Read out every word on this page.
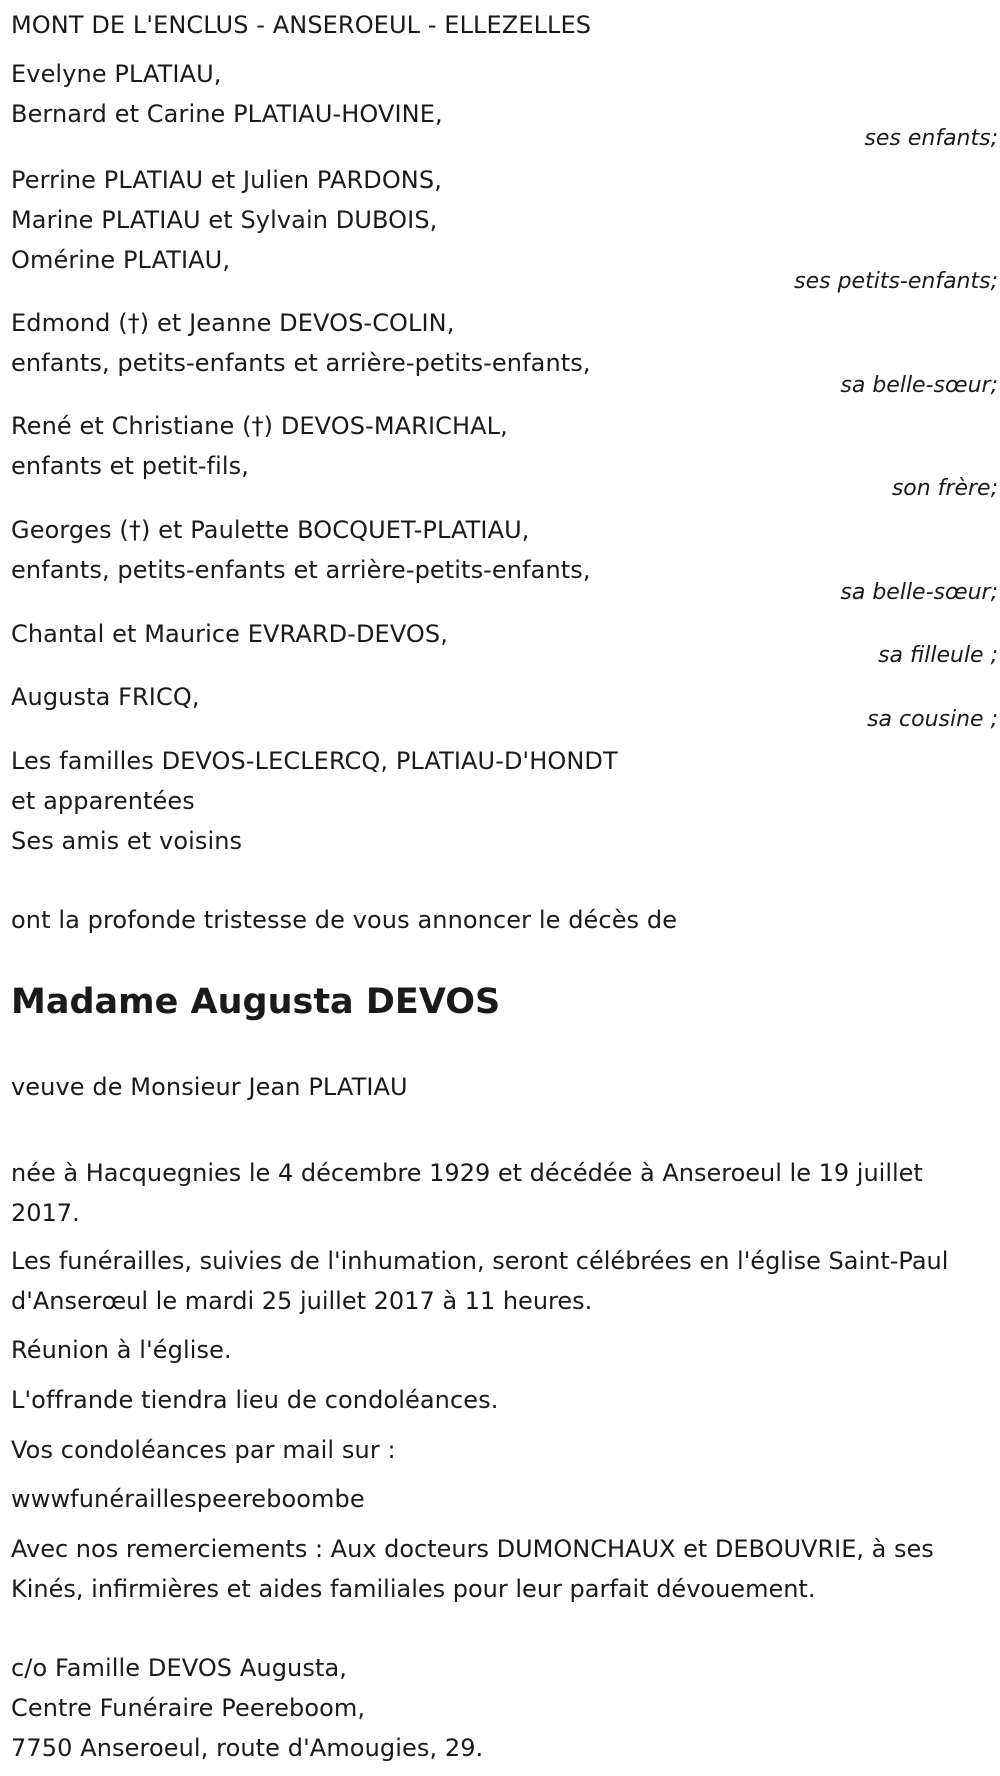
MONT DE L'ENCLUS - ANSEROEUL - ELLEZELLES
Evelyne PLATIAU,
Bernard et Carine PLATIAU-HOVINE,
ses enfants;
Perrine PLATIAU et Julien PARDONS,
Marine PLATIAU et Sylvain DUBOIS,
Omérine PLATIAU,
ses petits-enfants;
Edmond (†) et Jeanne DEVOS-COLIN,
enfants, petits-enfants et arrière-petits-enfants,
sa belle-sœur;
René et Christiane (†) DEVOS-MARICHAL,
enfants et petit-fils,
son frère;
Georges (†) et Paulette BOCQUET-PLATIAU,
enfants, petits-enfants et arrière-petits-enfants,
sa belle-sœur;
Chantal et Maurice EVRARD-DEVOS,
sa filleule ;
Augusta FRICQ,
sa cousine ;
Les familles DEVOS-LECLERCQ, PLATIAU-D'HONDT
et apparentées
Ses amis et voisins
ont la profonde tristesse de vous annoncer le décès de
Madame Augusta DEVOS
veuve de Monsieur Jean PLATIAU
née à Hacquegnies le 4 décembre 1929 et décédée à Anseroeul le 19 juillet 2017.
Les funérailles, suivies de l'inhumation, seront célébrées en l'église Saint-Paul d'Anserœul le mardi 25 juillet 2017 à 11 heures.
Réunion à l'église.
L'offrande tiendra lieu de condoléances.
Vos condoléances par mail sur :
wwwfunéraillespeereboombe
Avec nos remerciements : Aux docteurs DUMONCHAUX et DEBOUVRIE, à ses Kinés, infirmières et aides familiales pour leur parfait dévouement.
c/o Famille DEVOS Augusta,
Centre Funéraire Peereboom,
7750 Anseroeul, route d'Amougies, 29.
